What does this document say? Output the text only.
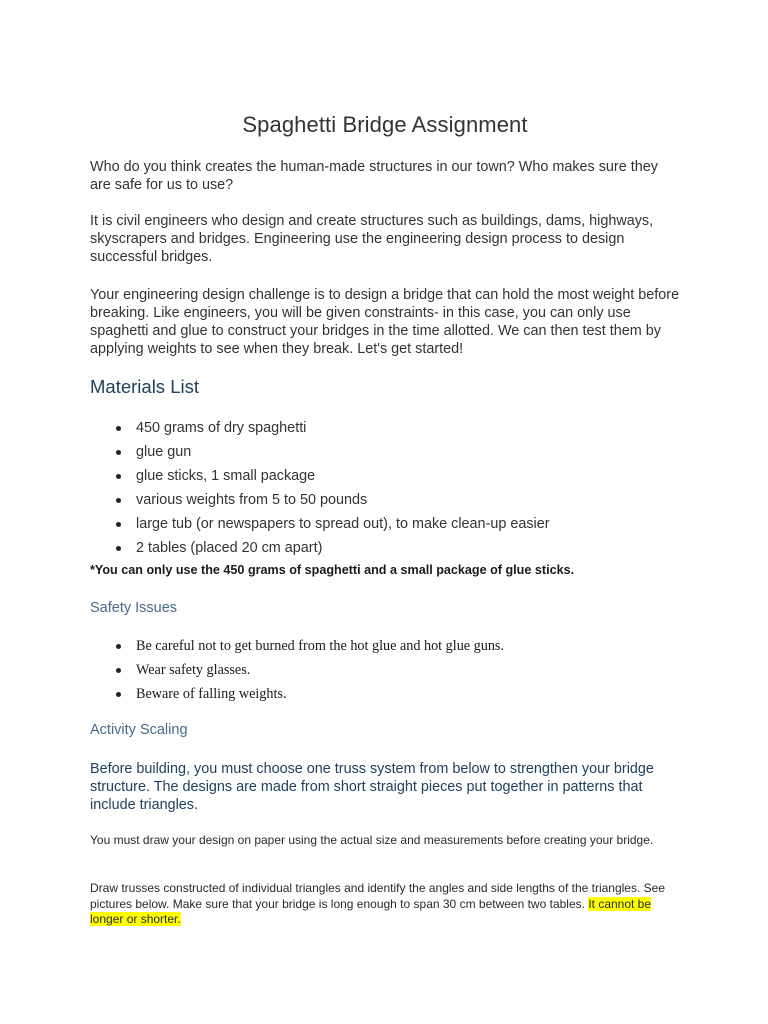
Spaghetti Bridge Assignment

Who do you think creates the human-made structures in our town? Who makes sure they are safe for us to use?

It is civil engineers who design and create structures such as buildings, dams, highways, skyscrapers and bridges. Engineering use the engineering design process to design successful bridges.

Your engineering design challenge is to design a bridge that can hold the most weight before breaking. Like engineers, you will be given constraints- in this case, you can only use spaghetti and glue to construct your bridges in the time allotted. We can then test them by applying weights to see when they break. Let's get started!

Materials List
450 grams of dry spaghetti
glue gun
glue sticks, 1 small package
various weights from 5 to 50 pounds
large tub (or newspapers to spread out), to make clean-up easier
2 tables (placed 20 cm apart)

*You can only use the 450 grams of spaghetti and a small package of glue sticks.

Safety Issues
Be careful not to get burned from the hot glue and hot glue guns.
Wear safety glasses.
Beware of falling weights.
Activity Scaling

Before building, you must choose one truss system from below to strengthen your bridge structure. The designs are made from short straight pieces put together in patterns that include triangles.

You must draw your design on paper using the actual size and measurements before creating your bridge.

Draw trusses constructed of individual triangles and identify the angles and side lengths of the triangles. See pictures below. Make sure that your bridge is long enough to span 30 cm between two tables. It cannot be longer or shorter.
